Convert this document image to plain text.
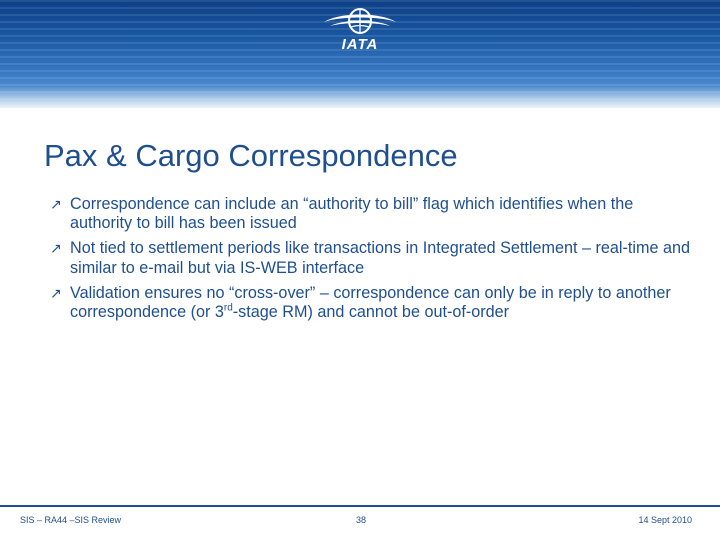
IATA
Pax & Cargo Correspondence
↗ Correspondence can include an “authority to bill” flag which identifies when the authority to bill has been issued
↗ Not tied to settlement periods like transactions in Integrated Settlement – real-time and similar to e-mail but via IS-WEB interface
↗ Validation ensures no “cross-over” – correspondence can only be in reply to another correspondence (or 3rd-stage RM) and cannot be out-of-order
SIS – RA44 –SIS Review	38	14 Sept 2010
